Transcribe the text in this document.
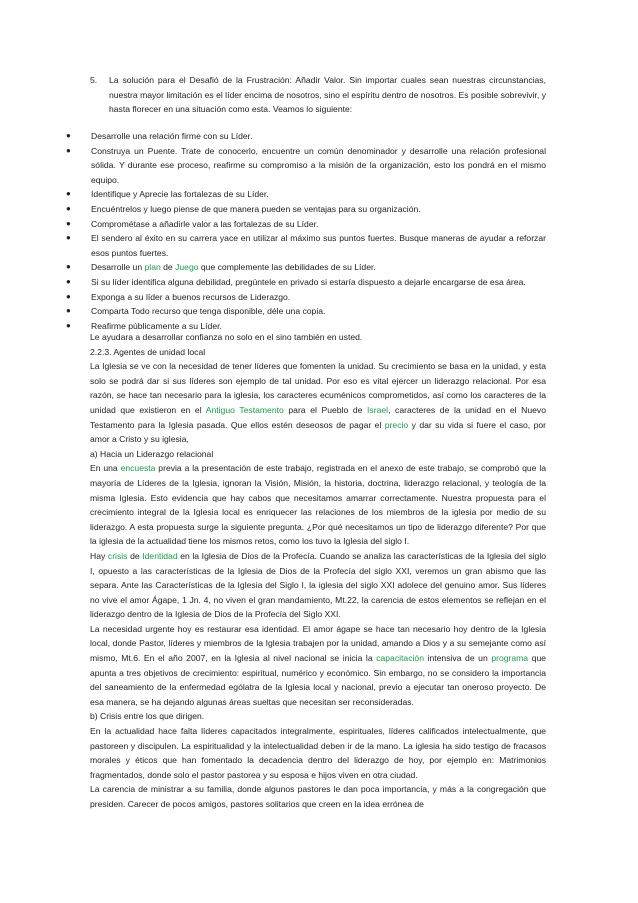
5.	La solución para el Desafió de la Frustración: Añadir Valor. Sin importar cuales sean nuestras circunstancias, nuestra mayor limitación es el líder encima de nosotros, sino el espíritu dentro de nosotros. Es posible sobrevivir, y hasta florecer en una situación como esta. Veamos lo siguiente:
● Desarrolle una relación firme con su Líder.
● Construya un Puente. Trate de conocerlo, encuentre un común denominador y desarrolle una relación profesional sólida. Y durante ese proceso, reafirme su compromiso a la misión de la organización, esto los pondrá en el mismo equipo.
● Identifique y Aprecie las fortalezas de su Líder.
● Encuéntrelos y luego piense de que manera pueden se ventajas para su organización.
● Comprométase a añadirle valor a las fortalezas de su Líder.
● El sendero al éxito en su carrera yace en utilizar al máximo sus puntos fuertes. Busque maneras de ayudar a reforzar esos puntos fuertes.
● Desarrolle un plan de Juego que complemente las debilidades de su Líder.
● Si su líder identifica alguna debilidad, pregúntele en privado si estaría dispuesto a dejarle encargarse de esa área.
● Exponga a su líder a buenos recursos de Liderazgo.
● Comparta Todo recurso que tenga disponible, déle una copia.
● Reafirme públicamente a su Líder.

Le ayudara a desarrollar confianza no solo en el sino también en usted.

2.2.3. Agentes de unidad local

La Iglesia se ve con la necesidad de tener líderes que fomenten la unidad. Su crecimiento se basa en la unidad, y esta solo se podrá dar si sus líderes son ejemplo de tal unidad. Por eso es vital ejercer un liderazgo relacional. Por esa razón, se hace tan necesario para la iglesia, los caracteres ecuménicos comprometidos, así como los caracteres de la unidad que existieron en el Antiguo Testamento para el Pueblo de Israel, caracteres de la unidad en el Nuevo Testamento para la Iglesia pasada. Que ellos estén deseosos de pagar el precio y dar su vida si fuere el caso, por amor a Cristo y su iglesia,

a) Hacia un Liderazgo relacional

En una encuesta previa a la presentación de este trabajo, registrada en el anexo de este trabajo, se comprobó que la mayoría de Líderes de la Iglesia, ignoran la Visión, Misión, la historia, doctrina, liderazgo relacional, y teología de la misma Iglesia. Esto evidencia que hay cabos que necesitamos amarrar correctamente. Nuestra propuesta para el crecimiento integral de la Iglesia local es enriquecer las relaciones de los miembros de la iglesia por medio de su liderazgo. A esta propuesta surge la siguiente pregunta. ¿Por qué necesitamos un tipo de liderazgo diferente? Por que la iglesia de la actualidad tiene los mismos retos, como los tuvo la Iglesia del siglo I.

Hay crisis de Identidad en la Iglesia de Dios de la Profecía. Cuando se analiza las características de la Iglesia del siglo I, opuesto a las características de la Iglesia de Dios de la Profecía del siglo XXI, veremos un gran abismo que las separa. Ante las Características de la Iglesia del Siglo I, la iglesia del siglo XXI adolece del genuino amor. Sus líderes no vive el amor Ágape, 1 Jn. 4, no viven el gran mandamiento, Mt.22, la carencia de estos elementos se reflejan en el liderazgo dentro de la Iglesia de Dios de la Profecía del Siglo XXI.

La necesidad urgente hoy es restaurar esa identidad. El amor ágape se hace tan necesario hoy dentro de la Iglesia local, donde Pastor, líderes y miembros de la Iglesia trabajen por la unidad, amando a Dios y a su semejante como así mismo, Mt.6. En el año 2007, en la Iglesia al nivel nacional se inicia la capacitación intensiva de un programa que apunta a tres objetivos de crecimiento: espiritual, numérico y económico. Sin embargo, no se considero la importancia del saneamiento de la enfermedad ególatra de la Iglesia local y nacional, previo a ejecutar tan oneroso proyecto. De esa manera, se ha dejando algunas áreas sueltas que necesitan ser reconsideradas.

b) Crisis entre los que dirigen.

En la actualidad hace falta líderes capacitados integralmente, espirituales, líderes calificados intelectualmente, que pastoreen y discipulen. La espiritualidad y la intelectualidad deben ir de la mano. La iglesia ha sido testigo de fracasos morales y éticos que han fomentado la decadencia dentro del liderazgo de hoy, por ejemplo en: Matrimonios fragmentados, donde solo el pastor pastorea y su esposa e hijos viven en otra ciudad.

La carencia de ministrar a su familia, donde algunos pastores le dan poca importancia, y más a la congregación que presiden. Carecer de pocos amigos, pastores solitarios que creen en la idea errónea de
